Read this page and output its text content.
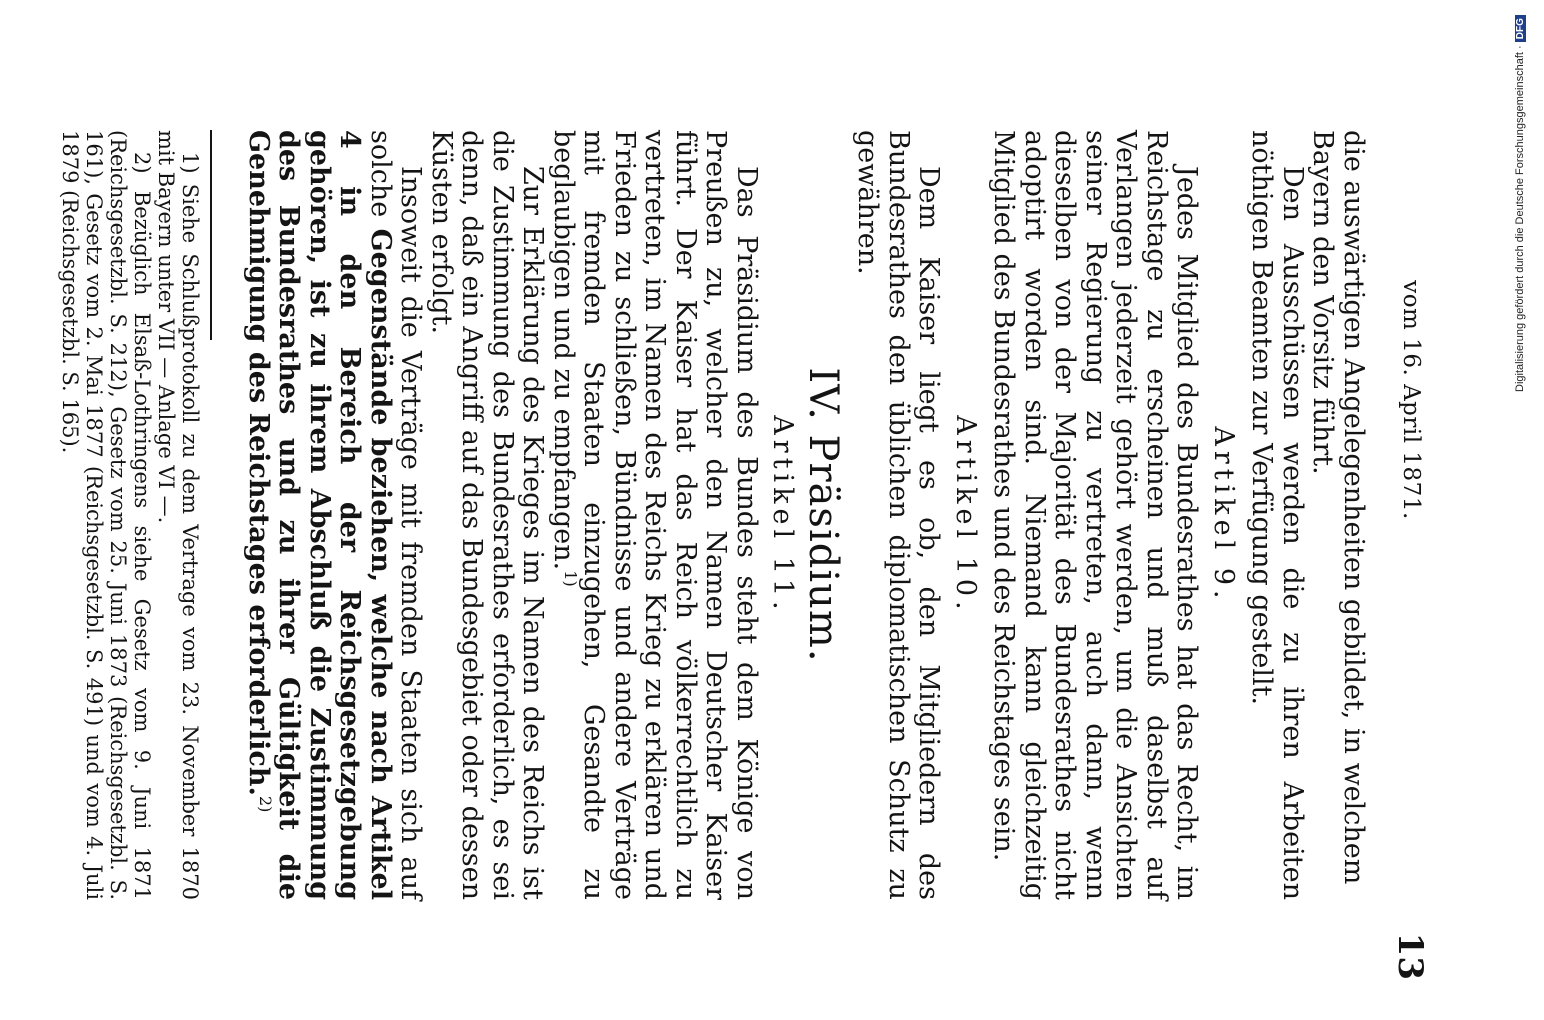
vom 16. April 1871.
13

die auswärtigen Angelegenheiten gebildet, in welchem

Bayern den Vorsitz führt.

Den Ausschüssen werden die zu ihren Arbeiten nöthigen Beamten zur Verfügung gestellt.

Artikel 9.

Jedes Mitglied des Bundesrathes hat das Recht, im Reichstage zu erscheinen und muß daselbst auf Verlangen jederzeit gehört werden, um die Ansichten seiner Regierung zu vertreten, auch dann, wenn dieselben von der Majorität des Bundesrathes nicht adoptirt worden sind. Niemand kann gleichzeitig Mitglied des Bundesrathes und des Reichstages sein.

Artikel 10.

Dem Kaiser liegt es ob, den Mitgliedern des Bundesrathes den üblichen diplomatischen Schutz zu gewähren.

IV. Präsidium.

Artikel 11.

Das Präsidium des Bundes steht dem Könige von Preußen zu, welcher den Namen Deutscher Kaiser führt. Der Kaiser hat das Reich völkerrechtlich zu vertreten, im Namen des Reichs Krieg zu erklären und Frieden zu schließen, Bündnisse und andere Verträge mit fremden Staaten einzugehen, Gesandte zu beglaubigen und zu empfangen.$^{1)}$

Zur Erklärung des Krieges im Namen des Reichs ist die Zustimmung des Bundesrathes erforderlich, es sei denn, daß ein Angriff auf das Bundesgebiet oder dessen Küsten erfolgt.

Insoweit die Verträge mit fremden Staaten sich auf solche Gegenstände beziehen, welche nach Artikel 4 in den Bereich der Reichsgesetzgebung gehören, ist zu ihrem Abschluß die Zustimmung des Bundesrathes und zu ihrer Gültigkeit die Genehmigung des Reichstages erforderlich.$^{2)}$

1) Siehe Schlußprotokoll zu dem Vertrage vom 23. November 1870 mit Bayern unter VII — Anlage VI —.

2) Bezüglich Elsaß-Lothringens siehe Gesetz vom 9. Juni 1871 (Reichsgesetzbl. S. 212), Gesetz vom 25. Juni 1873 (Reichsgesetzbl. S. 161), Gesetz vom 2. Mai 1877 (Reichsgesetzbl. S. 491) und vom 4. Juli 1879 (Reichsgesetzbl. S. 165).	Digitalisierung gefördert durch die Deutsche Forschungsgemeinschaft · DFG
